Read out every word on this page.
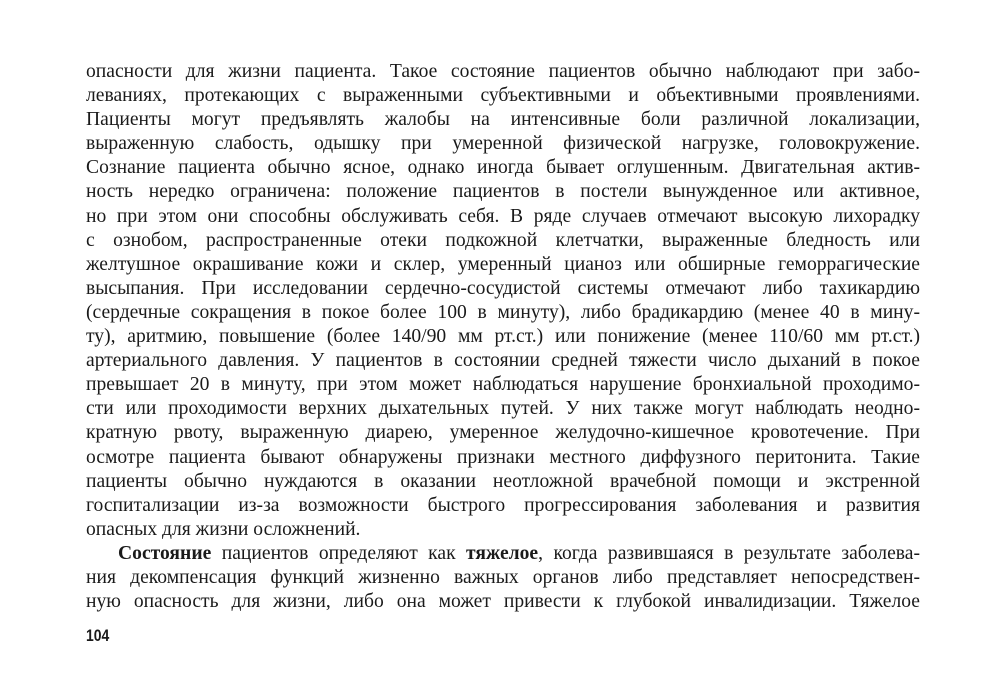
опасности для жизни пациента. Такое состояние пациентов обычно наблюдают при забо-
леваниях, протекающих с выраженными субъективными и объективными проявлениями.
Пациенты могут предъявлять жалобы на интенсивные боли различной локализации,
выраженную слабость, одышку при умеренной физической нагрузке, головокружение.
Сознание пациента обычно ясное, однако иногда бывает оглушенным. Двигательная актив-
ность нередко ограничена: положение пациентов в постели вынужденное или активное,
но при этом они способны обслуживать себя. В ряде случаев отмечают высокую лихорадку
с ознобом, распространенные отеки подкожной клетчатки, выраженные бледность или
желтушное окрашивание кожи и склер, умеренный цианоз или обширные геморрагические
высыпания. При исследовании сердечно-сосудистой системы отмечают либо тахикардию
(сердечные сокращения в покое более 100 в минуту), либо брадикардию (менее 40 в мину-
ту), аритмию, повышение (более 140/90 мм рт.ст.) или понижение (менее 110/60 мм рт.ст.)
артериального давления. У пациентов в состоянии средней тяжести число дыханий в покое
превышает 20 в минуту, при этом может наблюдаться нарушение бронхиальной проходимо-
сти или проходимости верхних дыхательных путей. У них также могут наблюдать неодно-
кратную рвоту, выраженную диарею, умеренное желудочно-кишечное кровотечение. При
осмотре пациента бывают обнаружены признаки местного диффузного перитонита. Такие
пациенты обычно нуждаются в оказании неотложной врачебной помощи и экстренной
госпитализации из-за возможности быстрого прогрессирования заболевания и развития
опасных для жизни осложнений.
Состояние пациентов определяют как тяжелое, когда развившаяся в результате заболева-
ния декомпенсация функций жизненно важных органов либо представляет непосредствен-
ную опасность для жизни, либо она может привести к глубокой инвалидизации. Тяжелое
104
